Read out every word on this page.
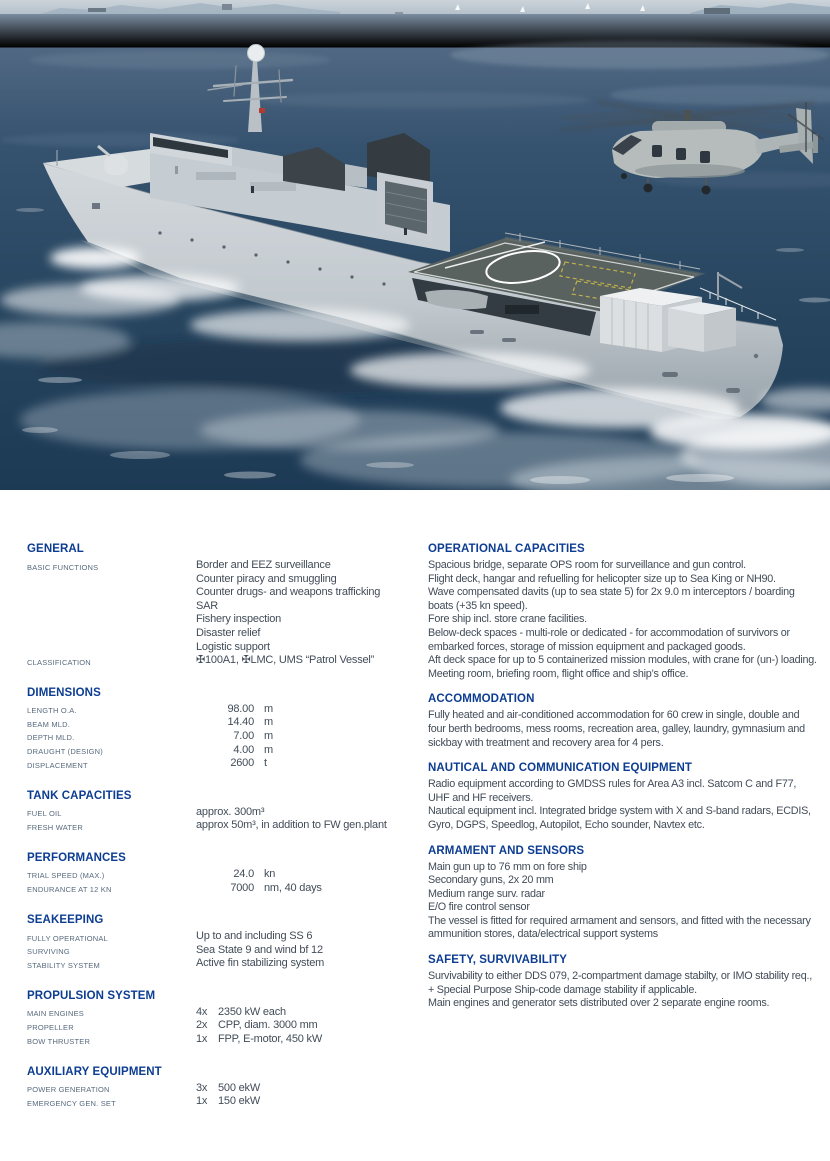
GENERAL
BASIC FUNCTIONS	Border and EEZ surveillance
Counter piracy and smuggling
Counter drugs- and weapons trafficking
SAR
Fishery inspection
Disaster relief
Logistic support
CLASSIFICATION	✠100A1, ✠LMC, UMS “Patrol Vessel”
DIMENSIONS
LENGTH O.A.	98.00 m
BEAM MLD.	14.40 m
DEPTH MLD.	7.00 m
DRAUGHT (DESIGN)	4.00 m
DISPLACEMENT	2600 t
TANK CAPACITIES
FUEL OIL	approx. 300m³
FRESH WATER	approx 50m³, in addition to FW gen.plant
PERFORMANCES
TRIAL SPEED (MAX.)	24.0 kn
ENDURANCE AT 12 KN	7000 nm, 40 days
SEAKEEPING
FULLY OPERATIONAL	Up to and including SS 6
SURVIVING	Sea State 9 and wind bf 12
STABILITY SYSTEM	Active fin stabilizing system
PROPULSION SYSTEM
MAIN ENGINES	4x 2350 kW each
PROPELLER	2x CPP, diam. 3000 mm
BOW THRUSTER	1x FPP, E-motor, 450 kW
AUXILIARY EQUIPMENT
POWER GENERATION	3x 500 ekW
EMERGENCY GEN. SET	1x 150 ekW
OPERATIONAL CAPACITIES

Spacious bridge, separate OPS room for surveillance and gun control.

Flight deck, hangar and refuelling for helicopter size up to Sea King or NH90.

Wave compensated davits (up to sea state 5) for 2x 9.0 m interceptors / boarding boats (+35 kn speed).

Fore ship incl. store crane facilities.

Below-deck spaces - multi-role or dedicated - for accommodation of survivors or embarked forces, storage of mission equipment and packaged goods.

Aft deck space for up to 5 containerized mission modules, with crane for (un-) loading.

Meeting room, briefing room, flight office and ship’s office.

ACCOMMODATION

Fully heated and air-conditioned accommodation for 60 crew in single, double and four berth bedrooms, mess rooms, recreation area, galley, laundry, gymnasium and sickbay with treatment and recovery area for 4 pers.

NAUTICAL AND COMMUNICATION EQUIPMENT

Radio equipment according to GMDSS rules for Area A3 incl. Satcom C and F77, UHF and HF receivers.

Nautical equipment incl. Integrated bridge system with X and S-band radars, ECDIS, Gyro, DGPS, Speedlog, Autopilot, Echo sounder, Navtex etc.

ARMAMENT AND SENSORS

Main gun up to 76 mm on fore ship

Secondary guns, 2x 20 mm

Medium range surv. radar

E/O fire control sensor

The vessel is fitted for required armament and sensors, and fitted with the necessary ammunition stores, data/electrical support systems

SAFETY, SURVIVABILITY

Survivability to either DDS 079, 2-compartment damage stabilty, or IMO stability req., + Special Purpose Ship-code damage stability if applicable.

Main engines and generator sets distributed over 2 separate engine rooms.
